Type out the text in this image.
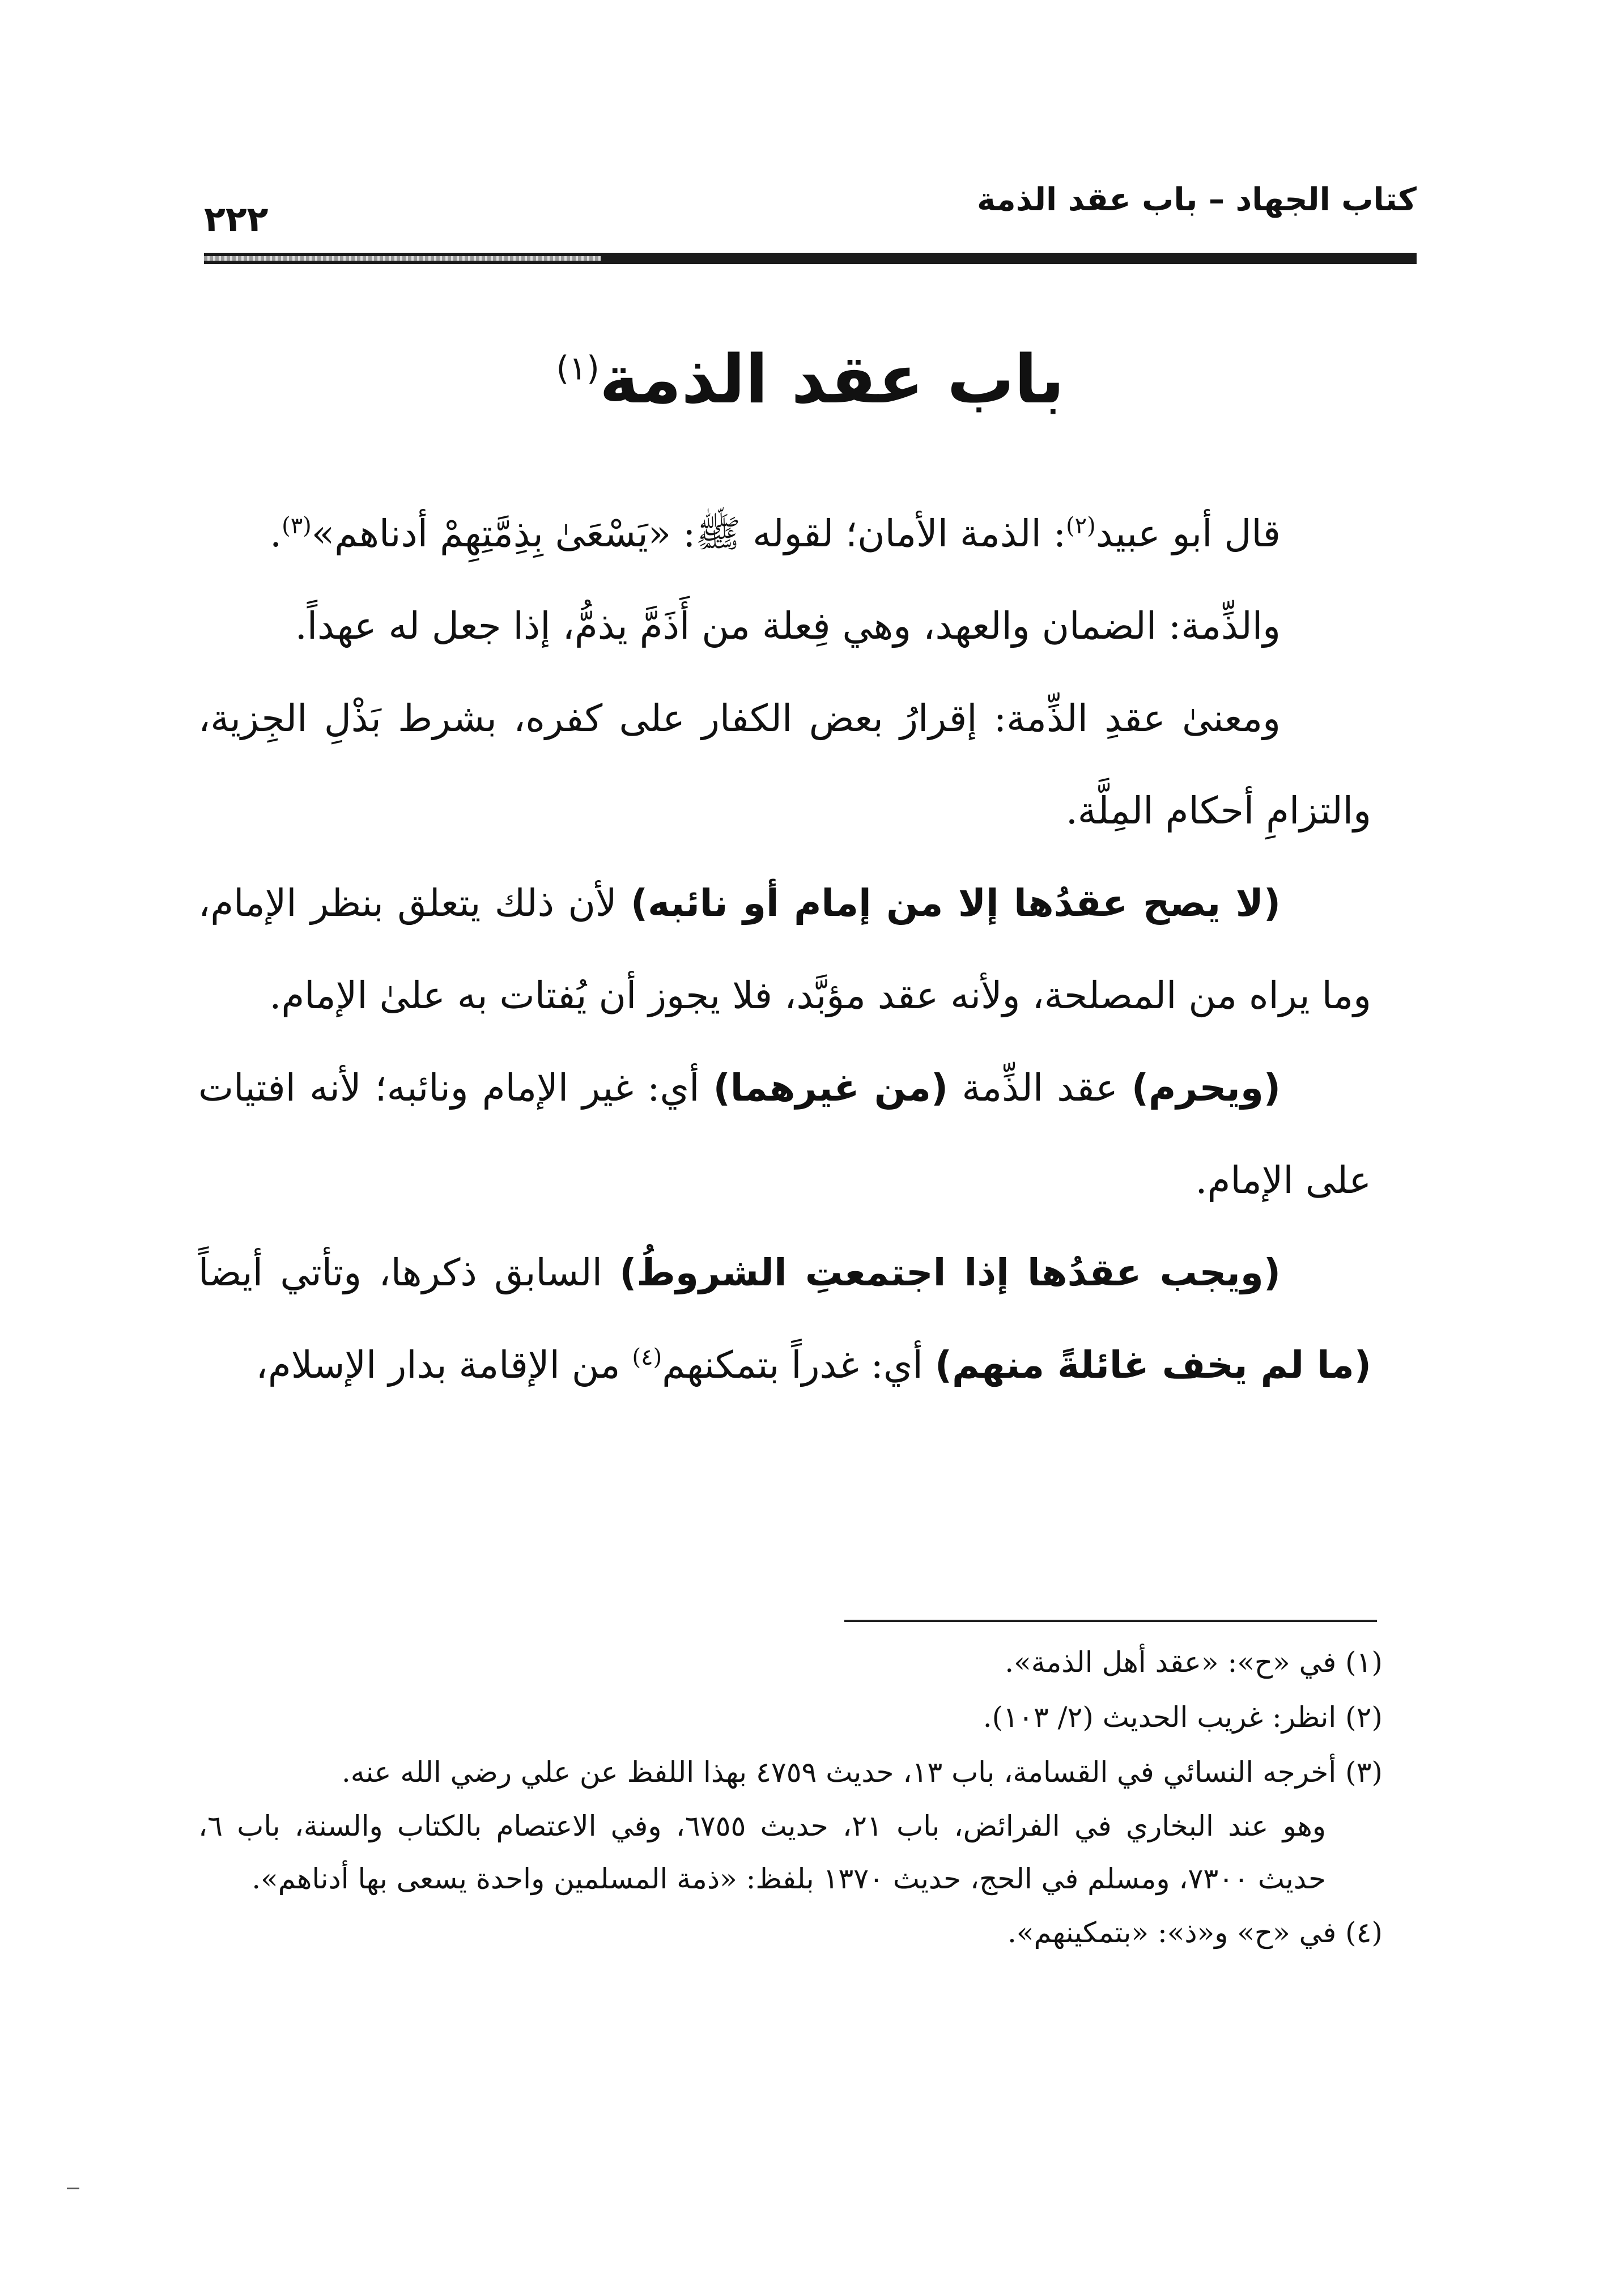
٢٢٢	كتاب الجهاد – باب عقد الذمة
باب عقد الذمة$^{(١)}$

قال أبو عبيد$^{(٢)}$: الذمة الأمان؛ لقوله ﷺ: «يَسْعَىٰ بِذِمَّتِهِمْ أدناهم»$^{(٣)}$.

والذِّمة: الضمان والعهد، وهي فِعلة من أَذَمَّ يذمُّ، إذا جعل له عهداً.

ومعنىٰ عقدِ الذِّمة: إقرارُ بعض الكفار على كفره، بشرط بَذْلِ الجِزية، والتزامِ أحكام المِلَّة.

(لا يصح عقدُها إلا من إمام أو نائبه) لأن ذلك يتعلق بنظر الإمام، وما يراه من المصلحة، ولأنه عقد مؤبَّد، فلا يجوز أن يُفتات به علىٰ الإمام.

(ويحرم) عقد الذِّمة (من غيرهما) أي: غير الإمام ونائبه؛ لأنه افتيات على الإمام.

(ويجب عقدُها إذا اجتمعتِ الشروطُ) السابق ذكرها، وتأتي أيضاً (ما لم يخف غائلةً منهم) أي: غدراً بتمكنهم$^{(٤)}$ من الإقامة بدار الإسلام،

(١) في «ح»: «عقد أهل الذمة».

(٢) انظر: غريب الحديث (٢/ ١٠٣).

(٣) أخرجه النسائي في القسامة، باب ١٣، حديث ٤٧٥٩ بهذا اللفظ عن علي رضي الله عنه.

وهو عند البخاري في الفرائض، باب ٢١، حديث ٦٧٥٥، وفي الاعتصام بالكتاب والسنة، باب ٦، حديث ٧٣٠٠، ومسلم في الحج، حديث ١٣٧٠ بلفظ: «ذمة المسلمين واحدة يسعى بها أدناهم».

(٤) في «ح» و«ذ»: «بتمكينهم».
